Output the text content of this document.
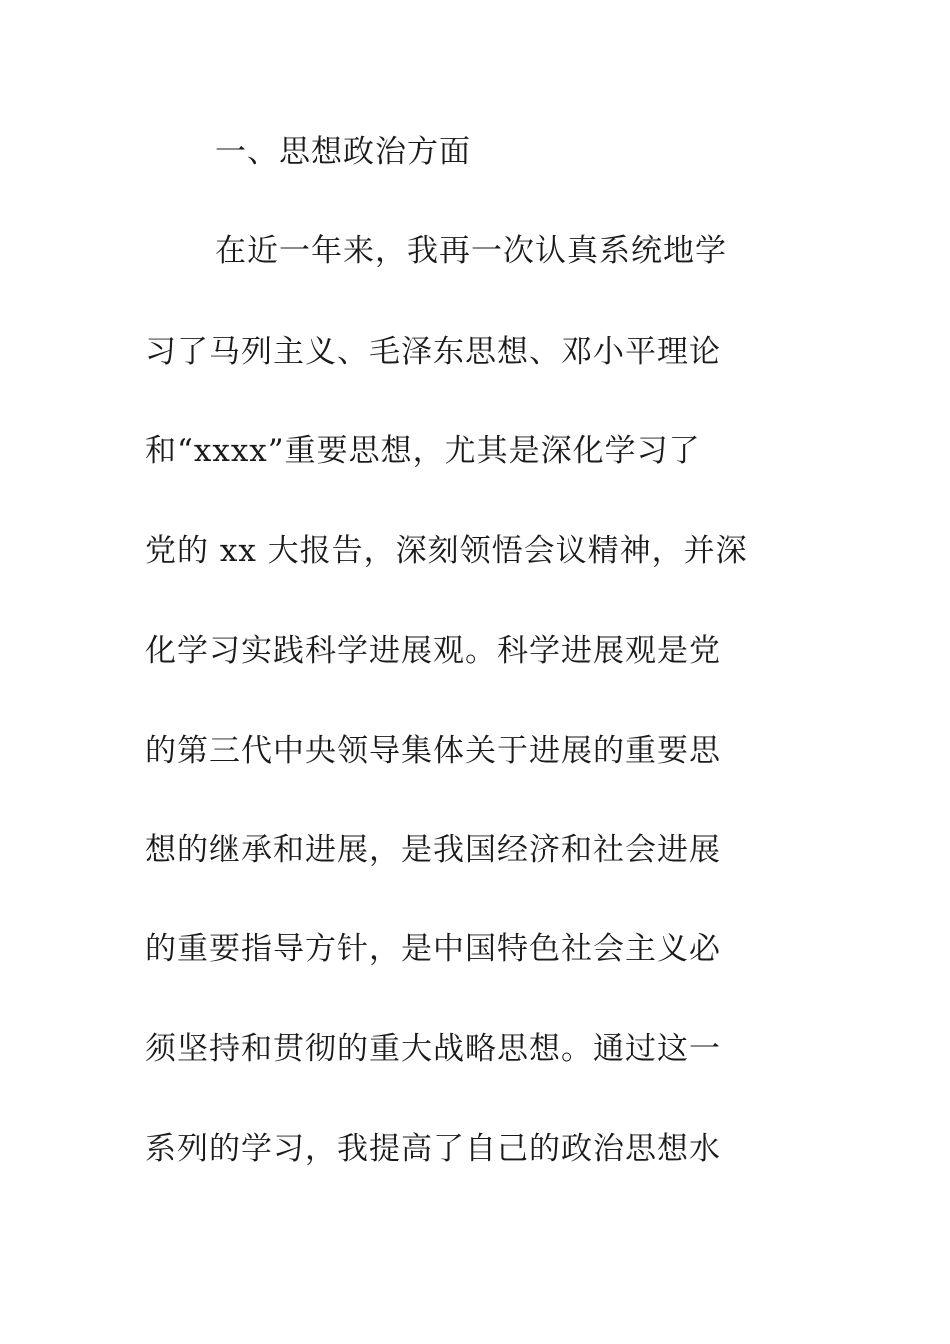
一、思想政治方面
在近一年来，我再一次认真系统地学
习了马列主义、毛泽东思想、邓小平理论
和“xxxx”重要思想，尤其是深化学习了
党的 xx 大报告，深刻领悟会议精神，并深
化学习实践科学进展观。科学进展观是党
的第三代中央领导集体关于进展的重要思
想的继承和进展，是我国经济和社会进展
的重要指导方针，是中国特色社会主义必
须坚持和贯彻的重大战略思想。通过这一
系列的学习，我提高了自己的政治思想水
